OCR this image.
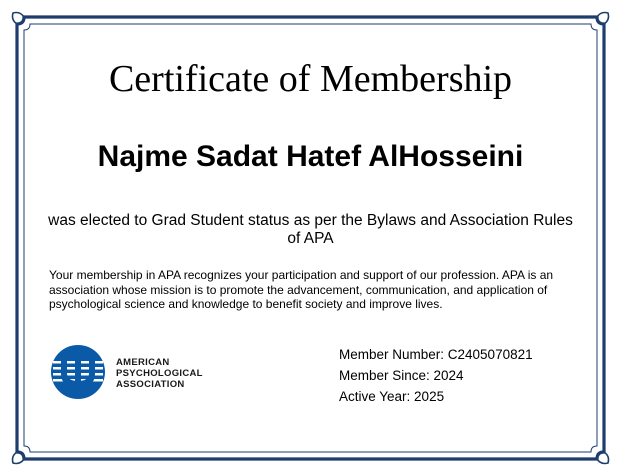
Certificate of Membership
Najme Sadat Hatef AlHosseini

was elected to Grad Student status as per the Bylaws and Association Rules of APA

Your membership in APA recognizes your participation and support of our profession. APA is an association whose mission is to promote the advancement, communication, and application of psychological science and knowledge to benefit society and improve lives.

AMERICAN
PSYCHOLOGICAL
ASSOCIATION
Member Number: C2405070821
Member Since: 2024
Active Year: 2025
